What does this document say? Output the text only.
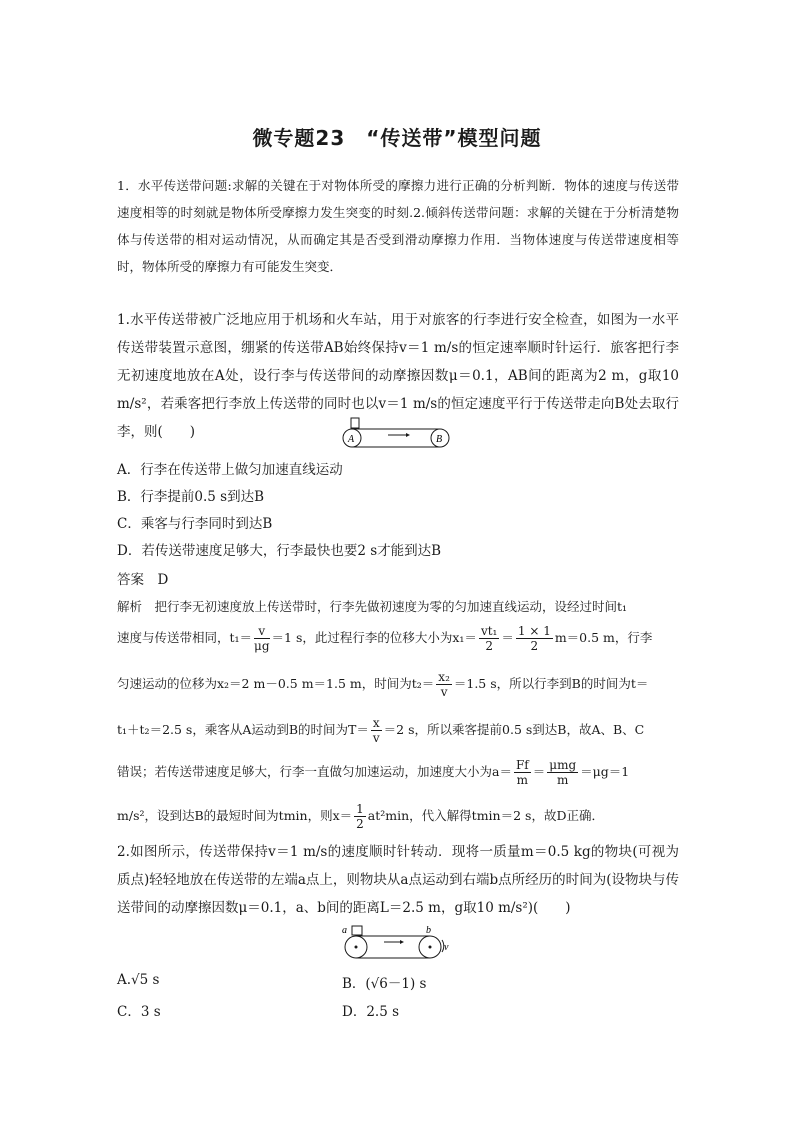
微专题23　“传送带”模型问题

1．水平传送带问题:求解的关键在于对物体所受的摩擦力进行正确的分析判断．物体的速度与传送带速度相等的时刻就是物体所受摩擦力发生突变的时刻.2.倾斜传送带问题：求解的关键在于分析清楚物体与传送带的相对运动情况，从而确定其是否受到滑动摩擦力作用．当物体速度与传送带速度相等时，物体所受的摩擦力有可能发生突变．

1.水平传送带被广泛地应用于机场和火车站，用于对旅客的行李进行安全检查，如图为一水平传送带装置示意图，绷紧的传送带AB始终保持v＝1 m/s的恒定速率顺时针运行．旅客把行李无初速度地放在A处，设行李与传送带间的动摩擦因数μ＝0.1，AB间的距离为2 m，g取10 m/s²，若乘客把行李放上传送带的同时也以v＝1 m/s的恒定速度平行于传送带走向B处去取行李，则(　　)	A	B
A．行李在传送带上做匀加速直线运动
B．行李提前0.5 s到达B
C．乘客与行李同时到达B
D．若传送带速度足够大，行李最快也要2 s才能到达B
答案　D
解析　把行李无初速度放上传送带时，行李先做初速度为零的匀加速直线运动，设经过时间t₁
速度与传送带相同，$t_1= \frac{v}{\mu g} =1$ s，此过程行李的位移大小为$x_1= \frac{\text{vt₁}}{2} = \frac{1 \times 1}{2} m=0.5$ m，行李
匀速运动的位移为x₂＝2 m－0.5 m＝1.5 m，时间为$t_2= \frac{\text{x₂}}{v} =1.5$ s，所以行李到B的时间为t＝
t₁＋t₂＝2.5 s，乘客从A运动到B的时间为$T= \frac{x}{v} =2$ s，所以乘客提前0.5 s到达B，故A、B、C
错误；若传送带速度足够大，行李一直做匀加速运动，加速度大小为$a= \frac{Ff}{m} = \frac{\text{μmg}}{m} =\mu g=1$
m/s²，设到达B的最短时间为tmin，则$x= \frac{1}{2} at^2\min$，代入解得tmin＝2 s，故D正确．

2.如图所示，传送带保持v＝1 m/s的速度顺时针转动．现将一质量m＝0.5 kg的物块(可视为质点)轻轻地放在传送带的左端a点上，则物块从a点运动到右端b点所经历的时间为(设物块与传送带间的动摩擦因数μ＝0.1，a、b间的距离L＝2.5 m，g取10 m/s²)(　　)

a	b
v
A.√5 s	B．(√6－1) s
C．3 s	D．2.5 s
